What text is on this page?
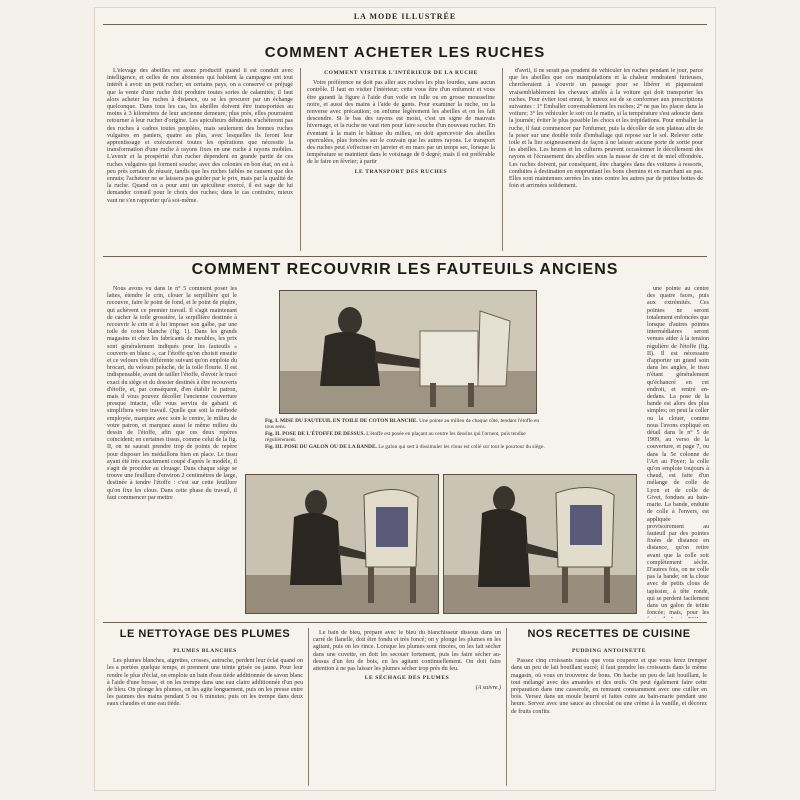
LA MODE ILLUSTRÉE
COMMENT ACHETER LES RUCHES

L'élevage des abeilles est assez productif quand il est conduit avec intelligence, et celles de nos abonnées qui habitent la campagne ont tout intérêt à avoir un petit rucher; en certains pays, on a conservé ce préjugé que la vente d'une ruche doit produire toutes sortes de calamités; il faut alors acheter les ruches à distance, ou se les procurer par un échange quelconque. Dans tous les cas, les abeilles doivent être transportées au moins à 3 kilomètres de leur ancienne demeure; plus près, elles pourraient retourner à leur rucher d'origine. Les apiculteurs débutants n'achèteront pas des ruches à cadres toutes peuplées, mais seulement des bonnes ruches vulgaires en paniers, quatre au plus, avec lesquelles ils feront leur apprentissage et exécuteront toutes les opérations que nécessite la transformation d'une ruche à rayons fixes en une ruche à rayons mobiles. L'avenir et la prospérité d'un rucher dépendent en grande partie de ces ruches vulgaires qui forment souche; avec des colonies en bon état, on est à peu près certain de réussir, tandis que les ruches faibles ne causent que des ennuis; l'acheteur ne se laissera pas guider par le prix, mais par la qualité de la ruche. Quand on a pour ami un apiculteur exercé, il est sage de lui demander conseil pour le choix des ruches; dans le cas contraire, mieux vaut ne s'en rapporter qu'à soi-même.

COMMENT VISITER L'INTÉRIEUR DE LA RUCHE

Votre préférence ne doit pas aller aux ruches les plus lourdes, sans aucun contrôle. Il faut en visiter l'intérieur; cette vous être d'un enfumoir et vous être garanti la figure à l'aide d'un voile en tulle ou en grosse mousseline noire, et aussi des mains à l'aide de gants. Pour examiner la ruche, on la renverse avec précaution; on enfume légèrement les abeilles et on les fait descendre. Si le bas des rayons est moisi, c'est un signe de mauvais hivernage, et la ruche ne vaut rien pour faire souche d'un nouveau rucher. En éventant à la main le bâtisse du milieu, on doit apercevoir des abeilles operculées, plus foncées sur le couvain que les autres rayons. Le transport des ruches peut s'effectuer en janvier et en mars par un temps sec, lorsque la température se maintient dans le voisinage de 0 degré; mais il est préférable de le faire en février; à partir

LE TRANSPORT DES RUCHES

d'avril, il ne serait pas prudent de véhiculer les ruches pendant le jour, parce que les abeilles que ces manipulations et la chaleur rendraient furieuses, chercheraient à s'ouvrir un passage pour se libérer et piqueraient vraisemblablement les chevaux attelés à la voiture qui doit transporter les ruches. Pour éviter tout ennui, le mieux est de se conformer aux prescriptions suivantes : 1° Emballer convenablement les ruches; 2° ne pas les placer dans la voiture; 3° les véhiculer le soir ou le matin, si la température s'est adoucie dans la journée; éviter le plus possible les chocs et les trépidations. Pour emballer la ruche, il faut commencer par l'enfumer, puis la décoller de son plateau afin de la poser sur une double toile d'emballage qui repose sur le sol. Relever cette toile et la lier soigneusement de façon à ne laisser aucune porte de sortie pour les abeilles. Les heures et les cultures peuvent occasionner le décollement des rayons et l'écrasement des abeilles sous la masse de cire et de miel effondrée. Les ruches doivent, par conséquent, être chargées dans des voitures à ressorts, conduites à destination en empruntant les bons chemins et en marchant au pas. Elles sont maintenues serrées les unes contre les autres par de petites bottes de foin et arrimées solidement.

COMMENT RECOUVRIR LES FAUTEUILS ANCIENS

Nous avons vu dans le n° 5 comment poser les lattes, étendre le crin, clouer la serpillière qui le recouvre, faire le point de fond, et le point de piqûre, qui achèvent ce premier travail. Il s'agit maintenant de cacher la toile grossière, la serpillière destinée à recouvrir le crin et à lui imposer son galbe, par une toile de coton blanche (fig. 1). Dans les grands magasins et chez les fabricants de meubles, les prix sont généralement indiqués pour les fauteuils « couverts en blanc », car l'étoffe qu'on choisit ensuite et ce velours très différente suivant qu'on emploie du brocart, du velours peluche, de la toile flourie. Il est indispensable, avant de tailler l'étoffe, d'avoir le tracé exact du siège et du dossier destinés à être recouverts d'étoffe, et, par conséquent, d'en établir le patron, mais il vous pouvez décoller l'ancienne couverture presque intacte, elle vous servira de gabarit et simplifiera votre travail. Quelle que soit la méthode employée, marquez avec soin le centre, le milieu de votre patron, et marquez aussi le même milieu du dessin de l'étoffe, afin que ces deux repères coïncident; en certaines tissus, comme celui de la fig. II, on ne saurait prendre trop de points de repère pour disposer les médaillons bien en place. Le tissu ayant été très exactement coupé d'après le modèle, il s'agit de procéder au clouage. Dans chaque siège se trouve une feuillure d'environ 2 centimètres de large, destinée à tendre l'étoffe : c'est sur cette feuillure qu'on fixe les clous. Dans cette phase du travail, il faut commencer par mettre

Fig. I. MISE DU FAUTEUIL EN TOILE DE COTON BLANCHE. Une pointe au milieu de chaque côté, tendant l'étoffe en tous sens.
Fig. II. POSE DE L'ÉTOFFE DE DESSUS. L'étoffe est posée en plaçant au centre les dessins qui l'ornent, puis tendue régulièrement.
Fig. III. POSE DU GALON OU DE LA BANDE. Le galon qui sert à dissimuler les clous est collé sur tout le pourtour du siège.

une pointe au centre des quatre faces, puis aux extrémités. Ces pointes ne seront totalement enfoncées que lorsque d'autres pointes intermédiaires seront venues aider à la tension régulière de l'étoffe (fig. II). Il est nécessaire d'apporter un grand soin dans les angles, le tissu n'étant généralement qu'échancré en cet endroit, et rentré en-dedans. La pose de la bande est alors des plus simples; on peut la coller ou la clouer, comme nous l'avons expliqué en détail dans le n° 5 de 1909, au verso de la couverture, et page 7, ou dans la 5e colonne de l'Art au Foyer; la colle qu'on emploie toujours à chaud, est faite d'un mélange de colle de Lyon et de colle de Givet, fondues au bain-marie. La bande, enduite de colle à l'envers, est appliquée provisoirement au fauteuil par des pointes fixées de distance en distance, qu'on retire avant que la colle soit complètement sèche. D'autres fois, on ne colle pas la bande; on la cloue avec de petits clous de tapissier, à tête ronde, qui se perdent facilement dans un galon de teinte foncée; mais, pour les

LE NETTOYAGE DES PLUMES
PLUMES BLANCHES

Les plumes blanches, aigrettes, crosses, autruche, perdent leur éclat quand on les a portées quelque temps, et prennent une teinte grisée ou jaune. Pour leur rendre le plus d'éclat, on emploie un bain d'eau tiède additionnée de savon blanc à l'aide d'une brosse, et on les trempe dans une eau claire additionnée d'un peu de bleu. On plonge les plumes, on les agite longuement, puis on les presse entre les paumes des mains pendant 5 ou 6 minutes; puis on les trempe dans deux eaux chaudes et une eau tiède.

Le bain de bleu, préparé avec le bleu du blanchisseur dissous dans un carré de flanelle, doit être fondu et très foncé; on y plonge les plumes en les agitant, puis on les rince. Lorsque les plumes sont rincées, on les fait sécher dans une cuvette, on doit les secouer fortement, puis les faire sécher au-dessus d'un feu de bois, en les agitant continuellement. On doit faire attention à ne pas laisser les plumes sécher trop près du feu.

LE SÉCHAGE DES PLUMES
(A suivre.)
NOS RECETTES DE CUISINE
PUDDING ANTOINETTE

Passez cinq croissants rassis que vous couperez et que vous ferez tremper dans un peu de lait bouillant sucré; il faut prendre les croissants dans le même magasin, où vous en trouverez de bons. On hache un peu de lait bouillant, le tout mélangé avec des amandes et des œufs. On peut également faire cette préparation dans une casserole, en remuant constamment avec une cuiller en bois. Versez dans un moule beurré et faites cuire au bain-marie pendant une heure. Servez avec une sauce au chocolat ou une crème à la vanille, et décorez de fruits confits.
